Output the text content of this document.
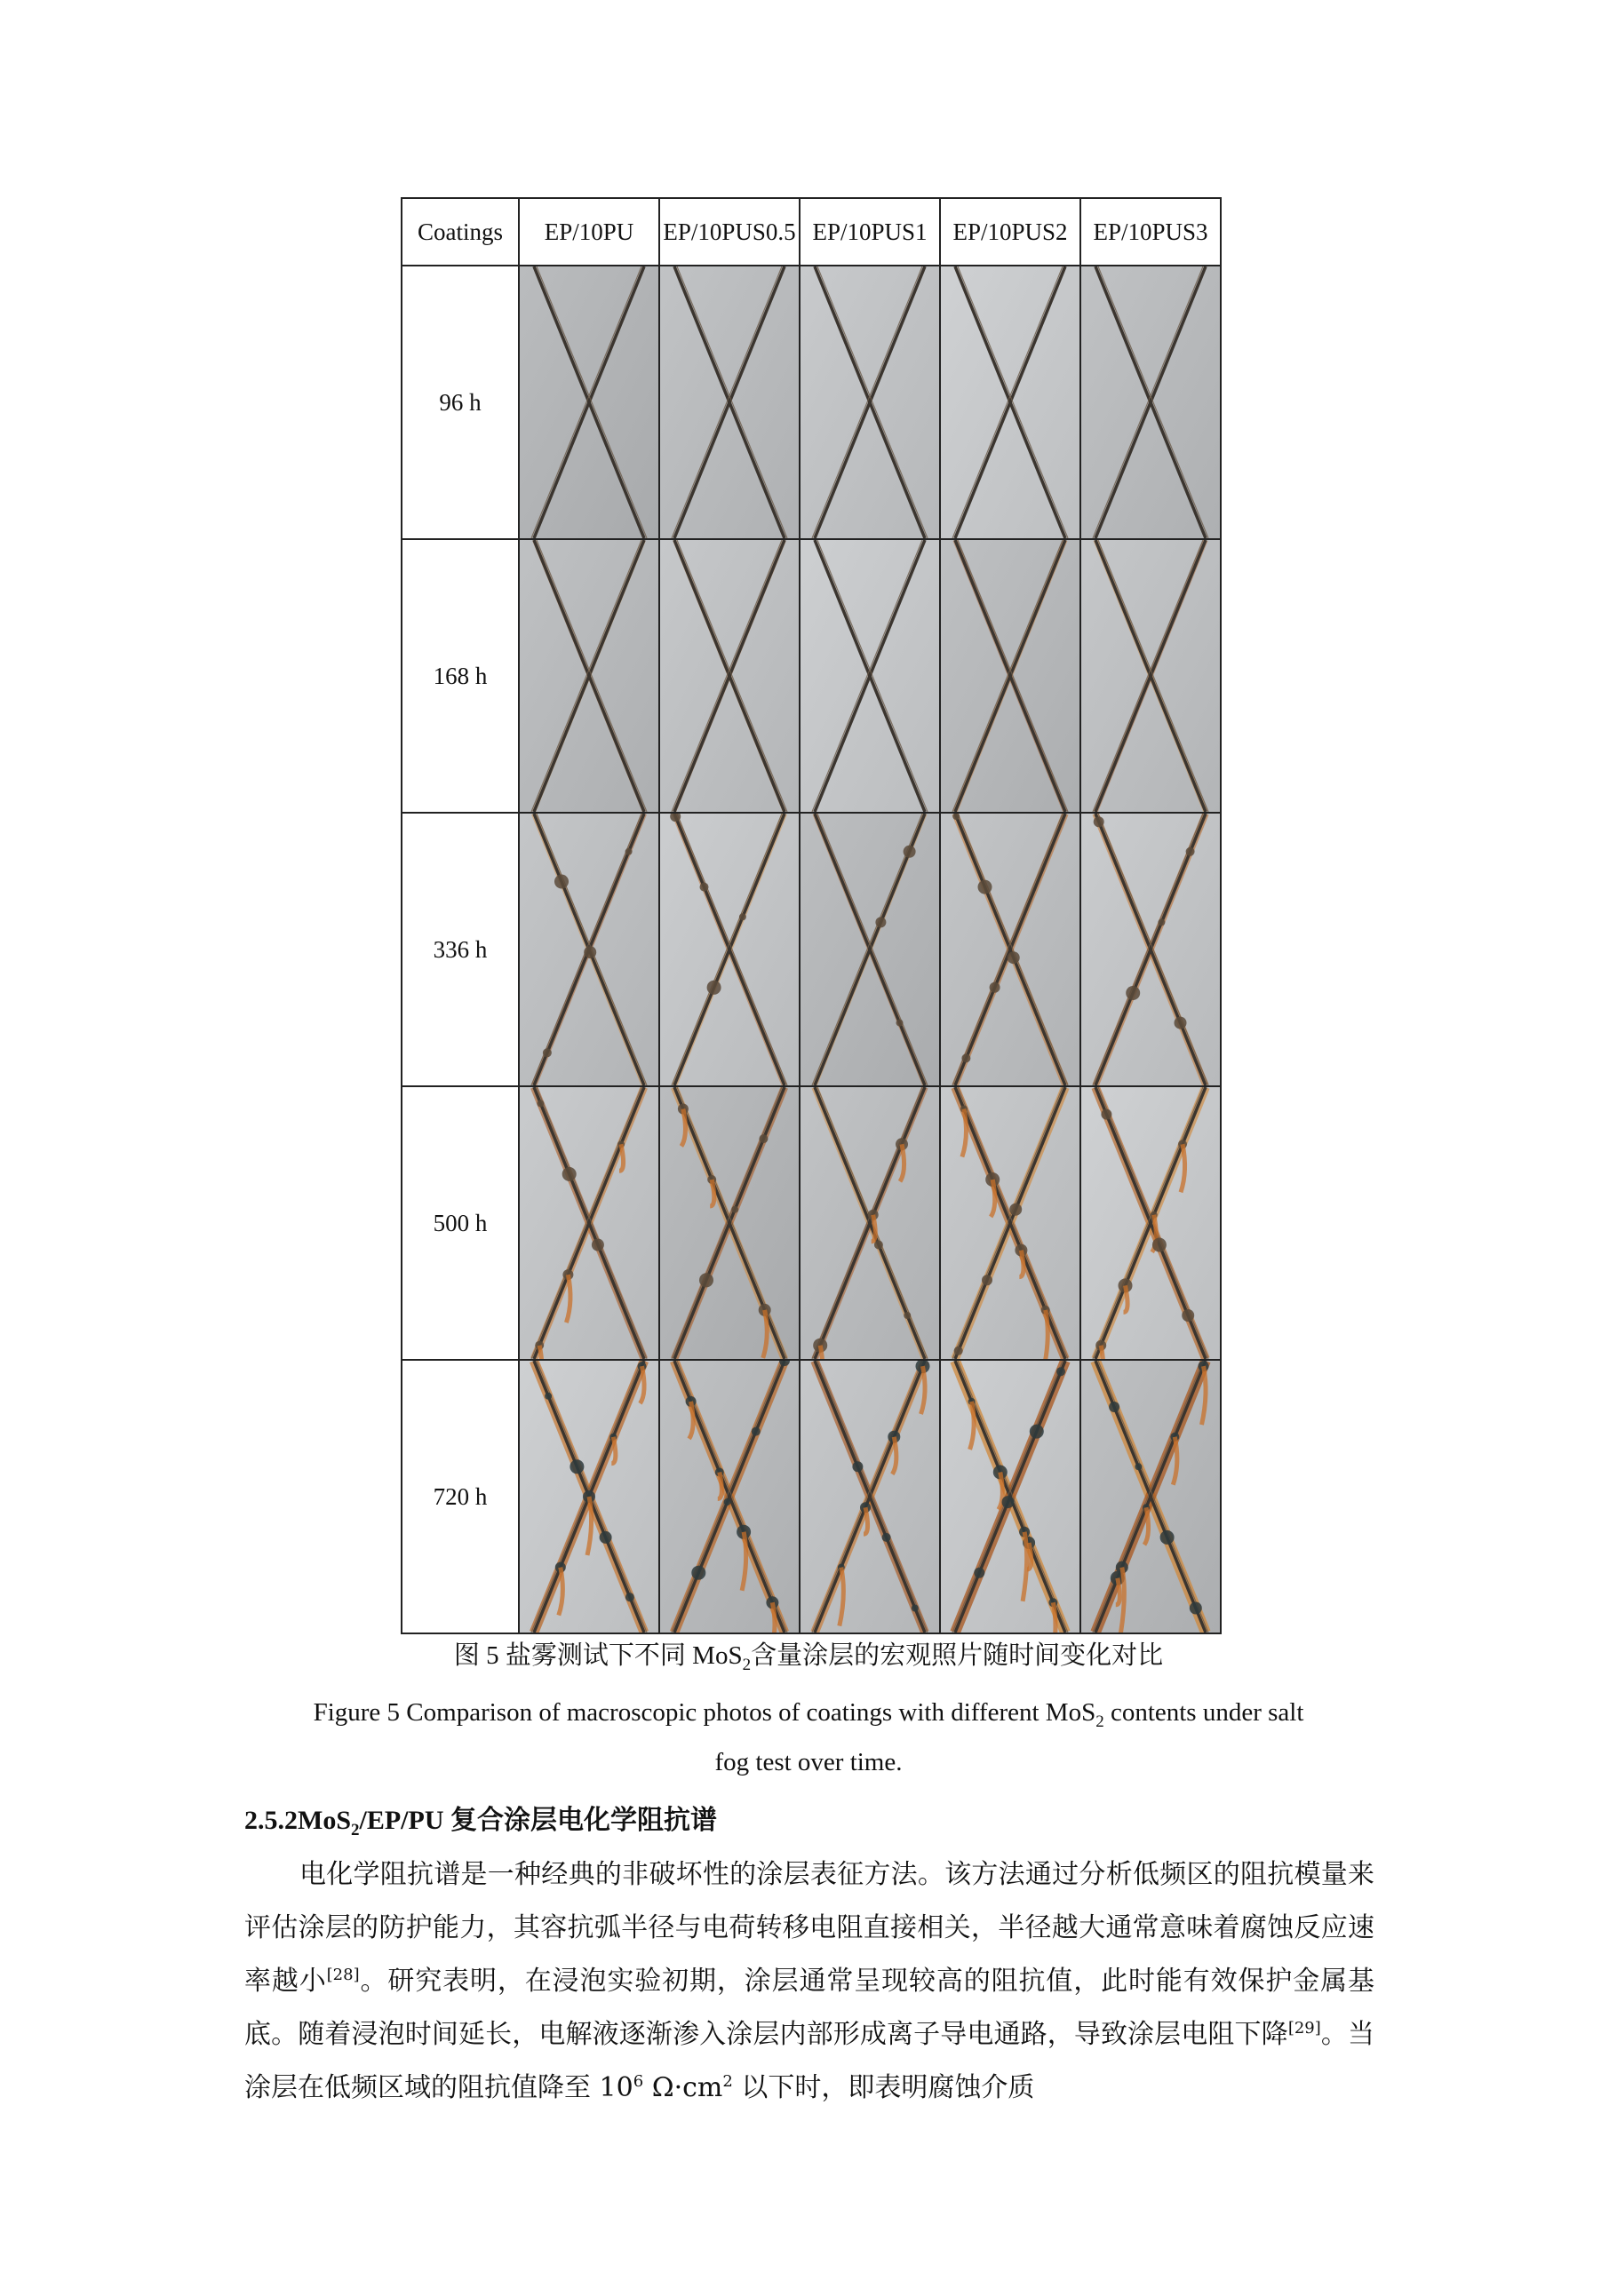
Coatings	EP/10PU	EP/10PUS0.5	EP/10PUS1	EP/10PUS2	EP/10PUS3
96 h	

168 h	

336 h	

500 h	

720 h	

图 5 盐雾测试下不同 MoS$_2$含量涂层的宏观照片随时间变化对比
Figure 5 Comparison of macroscopic photos of coatings with different MoS$_2$ contents under salt
fog test over time.
2.5.2MoS$_2$/EP/PU 复合涂层电化学阻抗谱

电化学阻抗谱是一种经典的非破坏性的涂层表征方法。该方法通过分析低频区的阻抗模量来评估涂层的防护能力，其容抗弧半径与电荷转移电阻直接相关，半径越大通常意味着腐蚀反应速率越小[28]。研究表明，在浸泡实验初期，涂层通常呈现较高的阻抗值，此时能有效保护金属基底。随着浸泡时间延长，电解液逐渐渗入涂层内部形成离子导电通路，导致涂层电阻下降[29]。当涂层在低频区域的阻抗值降至 $10^6$ $\Omega\cdot cm^2$ 以下时，即表明腐蚀介质
